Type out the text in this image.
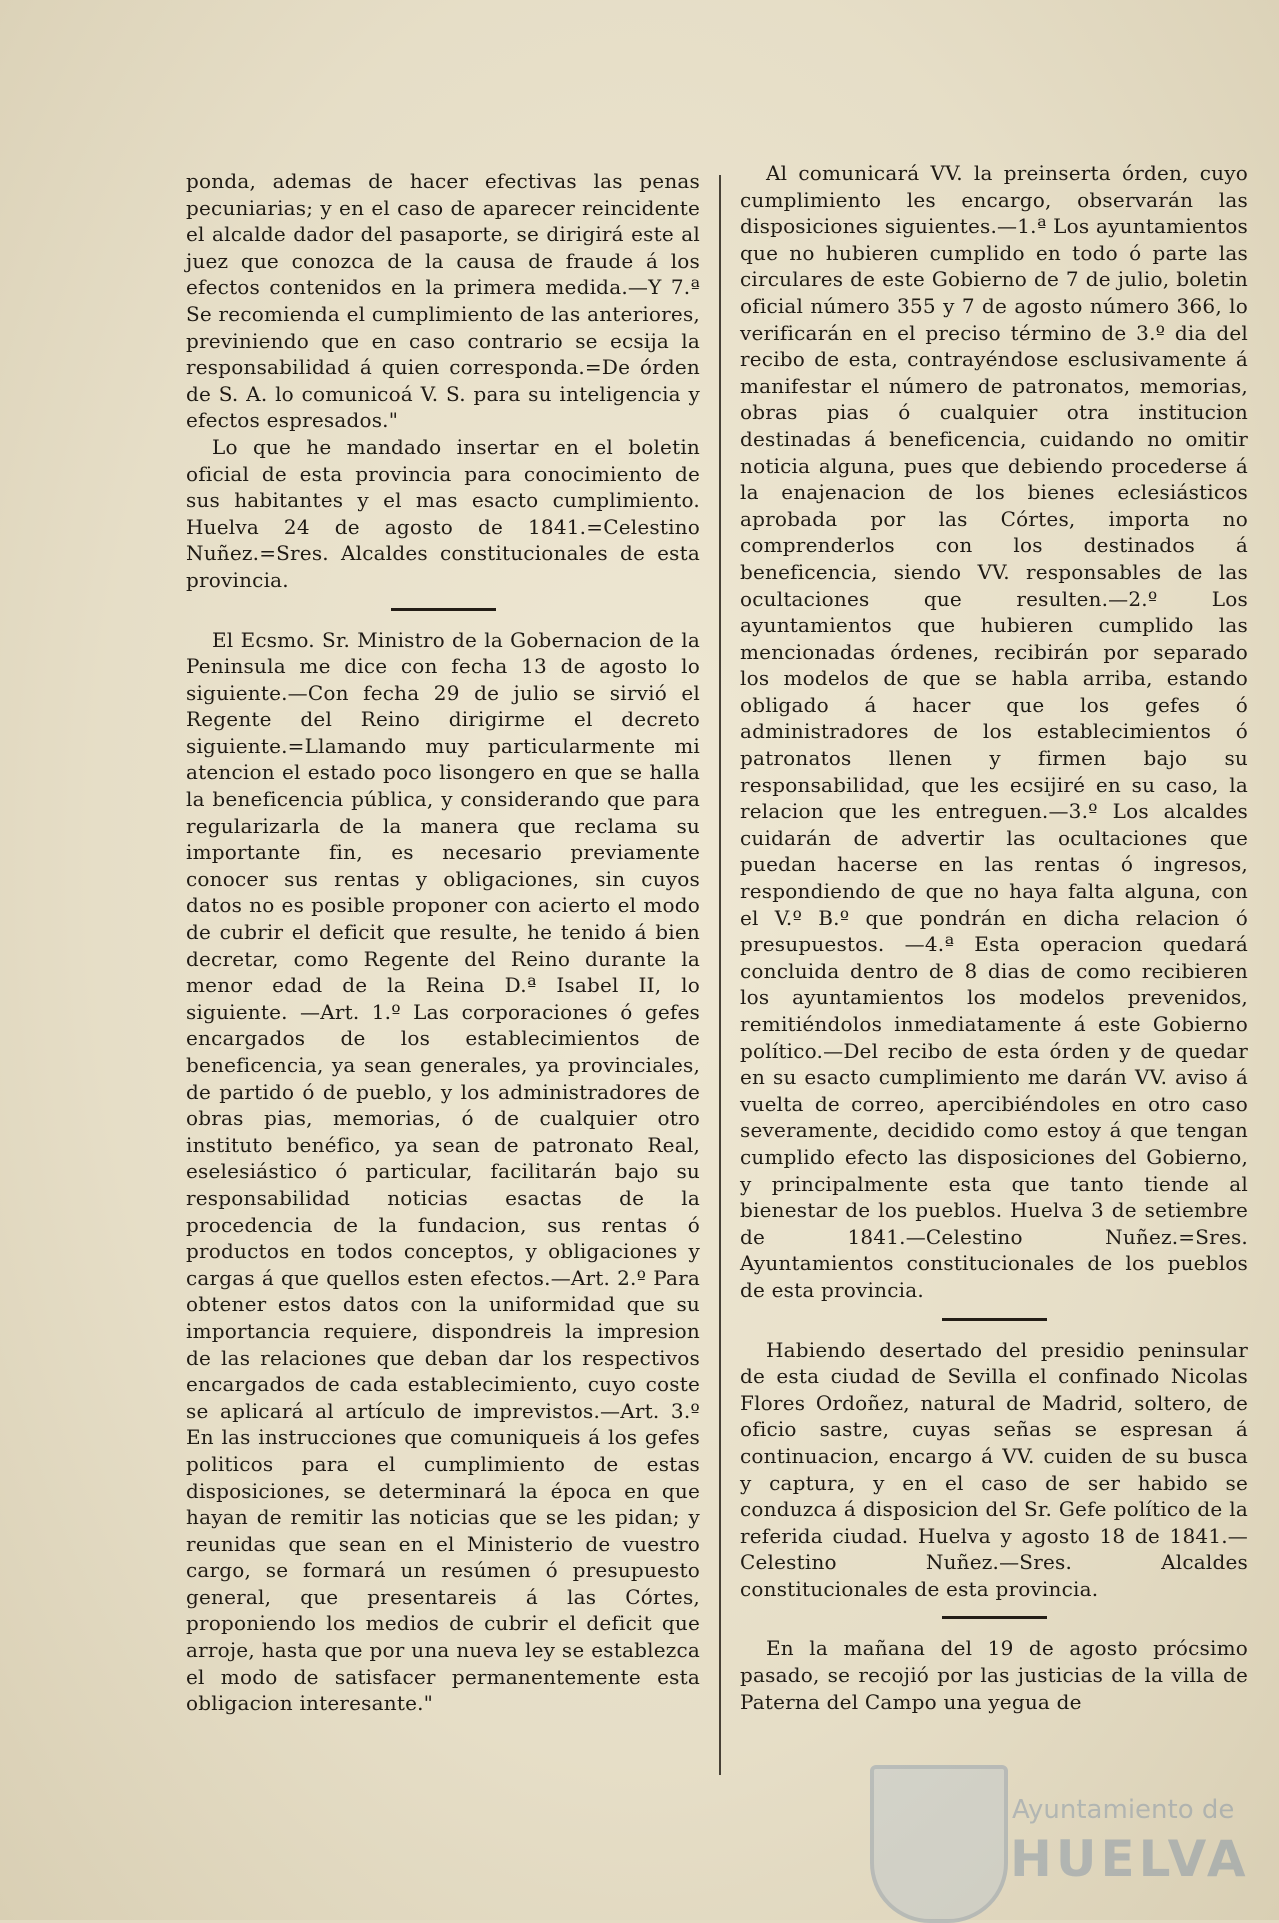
ponda, ademas de hacer efectivas las penas pecuniarias; y en el caso de aparecer reincidente el alcalde dador del pasaporte, se dirigirá este al juez que conozca de la causa de fraude á los efectos contenidos en la primera medida.—Y 7.ª Se recomienda el cumplimiento de las anteriores, previniendo que en caso contrario se ecsija la responsabilidad á quien corresponda.=De órden de S. A. lo comunicoá V. S. para su inteligencia y efectos espresados."

Lo que he mandado insertar en el boletin oficial de esta provincia para conocimiento de sus habitantes y el mas esacto cumplimiento. Huelva 24 de agosto de 1841.=Celestino Nuñez.=Sres. Alcaldes constitucionales de esta provincia.

El Ecsmo. Sr. Ministro de la Gobernacion de la Peninsula me dice con fecha 13 de agosto lo siguiente.—Con fecha 29 de julio se sirvió el Regente del Reino dirigirme el decreto siguiente.=Llamando muy particularmente mi atencion el estado poco lisongero en que se halla la beneficencia pública, y considerando que para regularizarla de la manera que reclama su importante fin, es necesario previamente conocer sus rentas y obligaciones, sin cuyos datos no es posible proponer con acierto el modo de cubrir el deficit que resulte, he tenido á bien decretar, como Regente del Reino durante la menor edad de la Reina D.ª Isabel II, lo siguiente. —Art. 1.º Las corporaciones ó gefes encargados de los establecimientos de beneficencia, ya sean generales, ya provinciales, de partido ó de pueblo, y los administradores de obras pias, memorias, ó de cualquier otro instituto benéfico, ya sean de patronato Real, eselesiástico ó particular, facilitarán bajo su responsabilidad noticias esactas de la procedencia de la fundacion, sus rentas ó productos en todos conceptos, y obligaciones y cargas á que quellos esten efectos.—Art. 2.º Para obtener estos datos con la uniformidad que su importancia requiere, dispondreis la impresion de las relaciones que deban dar los respectivos encargados de cada establecimiento, cuyo coste se aplicará al artículo de imprevistos.—Art. 3.º En las instrucciones que comuniqueis á los gefes politicos para el cumplimiento de estas disposiciones, se determinará la época en que hayan de remitir las noticias que se les pidan; y reunidas que sean en el Ministerio de vuestro cargo, se formará un resúmen ó presupuesto general, que presentareis á las Córtes, proponiendo los medios de cubrir el deficit que arroje, hasta que por una nueva ley se establezca el modo de satisfacer permanentemente esta obligacion interesante."

Al comunicará VV. la preinserta órden, cuyo cumplimiento les encargo, observarán las disposiciones siguientes.—1.ª Los ayuntamientos que no hubieren cumplido en todo ó parte las circulares de este Gobierno de 7 de julio, boletin oficial número 355 y 7 de agosto número 366, lo verificarán en el preciso término de 3.º dia del recibo de esta, contrayéndose esclusivamente á manifestar el número de patronatos, memorias, obras pias ó cualquier otra institucion destinadas á beneficencia, cuidando no omitir noticia alguna, pues que debiendo procederse á la enajenacion de los bienes eclesiásticos aprobada por las Córtes, importa no comprenderlos con los destinados á beneficencia, siendo VV. responsables de las ocultaciones que resulten.—2.º Los ayuntamientos que hubieren cumplido las mencionadas órdenes, recibirán por separado los modelos de que se habla arriba, estando obligado á hacer que los gefes ó administradores de los establecimientos ó patronatos llenen y firmen bajo su responsabilidad, que les ecsijiré en su caso, la relacion que les entreguen.—3.º Los alcaldes cuidarán de advertir las ocultaciones que puedan hacerse en las rentas ó ingresos, respondiendo de que no haya falta alguna, con el V.º B.º que pondrán en dicha relacion ó presupuestos. —4.ª Esta operacion quedará concluida dentro de 8 dias de como recibieren los ayuntamientos los modelos prevenidos, remitiéndolos inmediatamente á este Gobierno político.—Del recibo de esta órden y de quedar en su esacto cumplimiento me darán VV. aviso á vuelta de correo, apercibiéndoles en otro caso severamente, decidido como estoy á que tengan cumplido efecto las disposiciones del Gobierno, y principalmente esta que tanto tiende al bienestar de los pueblos. Huelva 3 de setiembre de 1841.—Celestino Nuñez.=Sres. Ayuntamientos constitucionales de los pueblos de esta provincia.

Habiendo desertado del presidio peninsular de esta ciudad de Sevilla el confinado Nicolas Flores Ordoñez, natural de Madrid, soltero, de oficio sastre, cuyas señas se espresan á continuacion, encargo á VV. cuiden de su busca y captura, y en el caso de ser habido se conduzca á disposicion del Sr. Gefe político de la referida ciudad. Huelva y agosto 18 de 1841.—Celestino Nuñez.—Sres. Alcaldes constitucionales de esta provincia.

En la mañana del 19 de agosto prócsimo pasado, se recojió por las justicias de la villa de Paterna del Campo una yegua de

Ayuntamiento de
HUELVA
